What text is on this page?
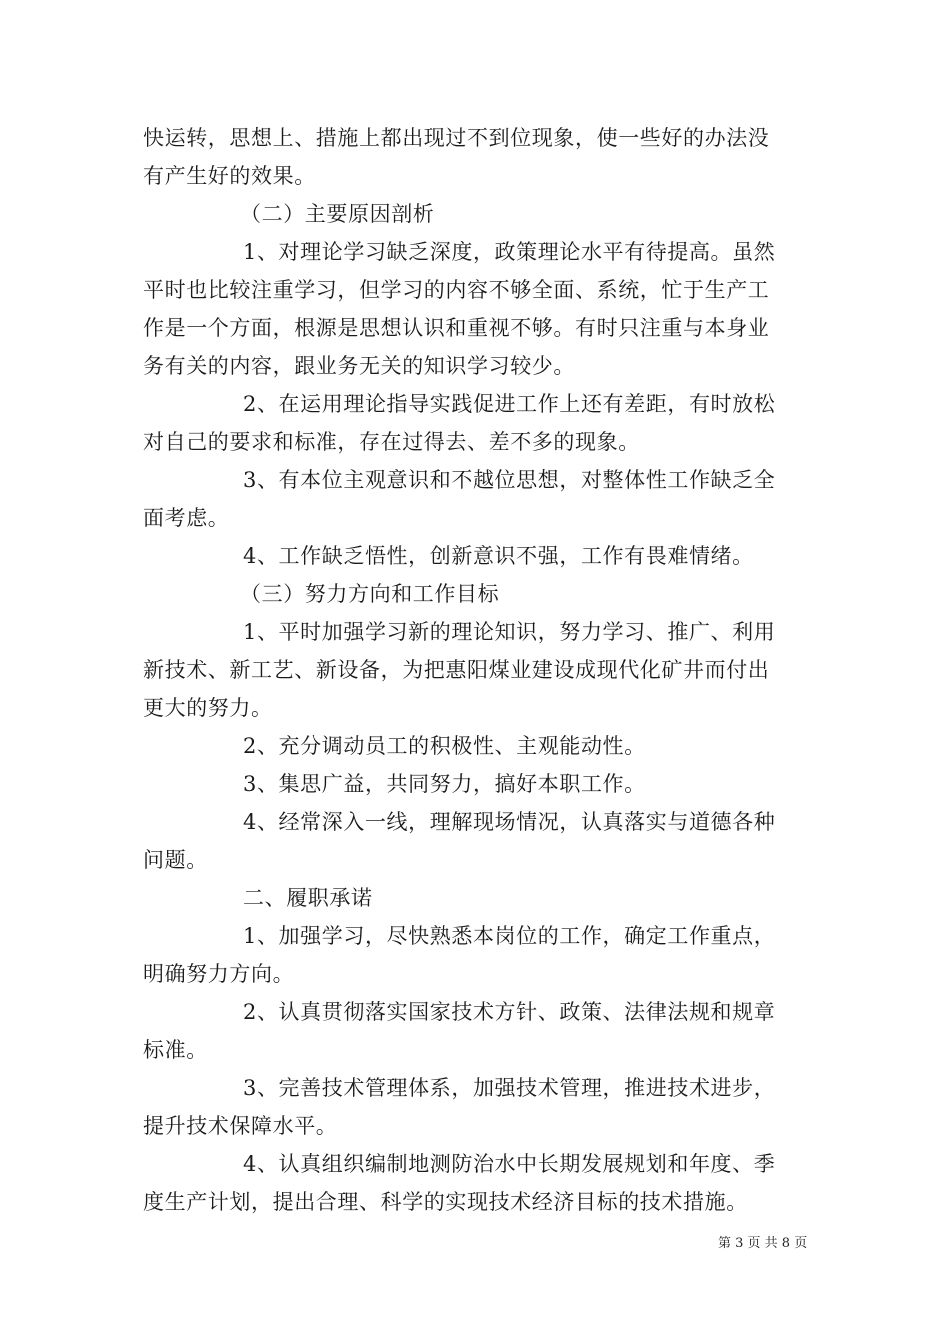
快运转，思想上、措施上都出现过不到位现象，使一些好的办法没
有产生好的效果。
（二）主要原因剖析
1、对理论学习缺乏深度，政策理论水平有待提高。虽然
平时也比较注重学习，但学习的内容不够全面、系统，忙于生产工
作是一个方面，根源是思想认识和重视不够。有时只注重与本身业
务有关的内容，跟业务无关的知识学习较少。
2、在运用理论指导实践促进工作上还有差距，有时放松
对自己的要求和标准，存在过得去、差不多的现象。
3、有本位主观意识和不越位思想，对整体性工作缺乏全
面考虑。
4、工作缺乏悟性，创新意识不强，工作有畏难情绪。
（三）努力方向和工作目标
1、平时加强学习新的理论知识，努力学习、推广、利用
新技术、新工艺、新设备，为把惠阳煤业建设成现代化矿井而付出
更大的努力。
2、充分调动员工的积极性、主观能动性。
3、集思广益，共同努力，搞好本职工作。
4、经常深入一线，理解现场情况，认真落实与道德各种
问题。
二、履职承诺
1、加强学习，尽快熟悉本岗位的工作，确定工作重点，
明确努力方向。
2、认真贯彻落实国家技术方针、政策、法律法规和规章
标准。
3、完善技术管理体系，加强技术管理，推进技术进步，
提升技术保障水平。
4、认真组织编制地测防治水中长期发展规划和年度、季
度生产计划，提出合理、科学的实现技术经济目标的技术措施。
第 3 页 共 8 页
